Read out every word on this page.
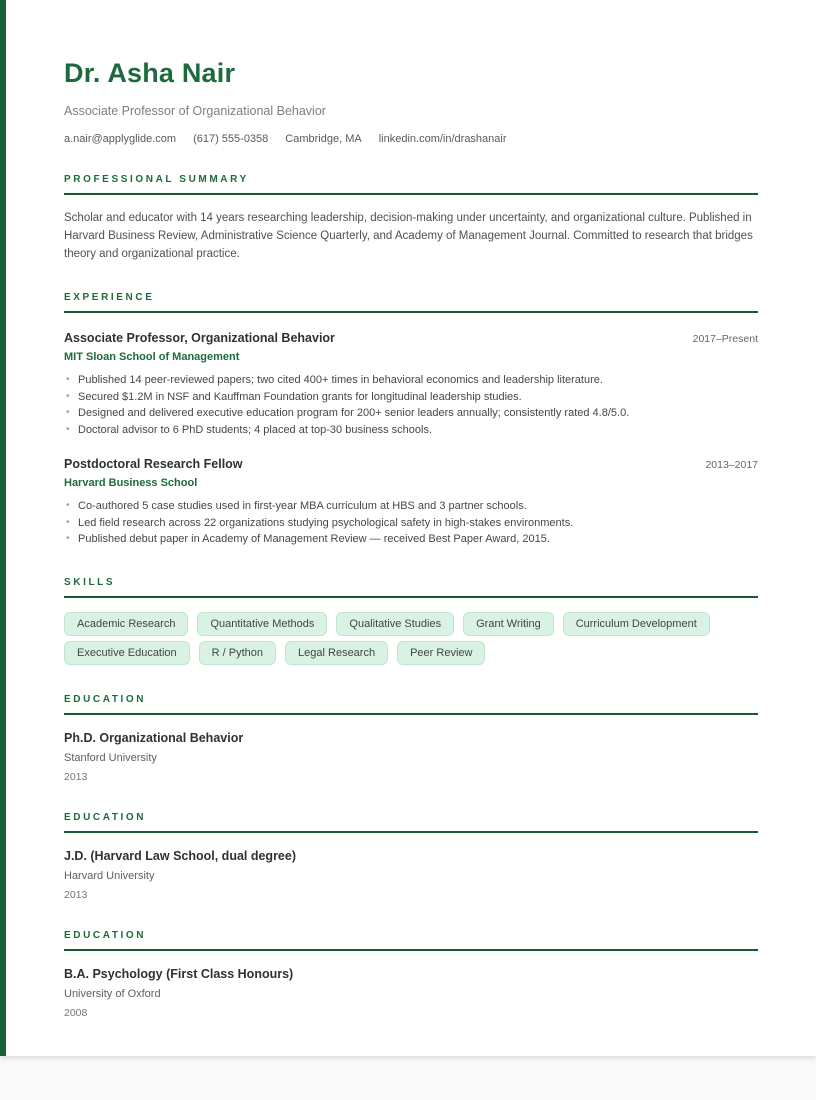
Dr. Asha Nair
Associate Professor of Organizational Behavior
a.nair@applyglide.com (617) 555-0358 Cambridge, MA linkedin.com/in/drashanair
PROFESSIONAL SUMMARY

Scholar and educator with 14 years researching leadership, decision-making under uncertainty, and organizational culture. Published in Harvard Business Review, Administrative Science Quarterly, and Academy of Management Journal. Committed to research that bridges theory and organizational practice.

EXPERIENCE
Associate Professor, Organizational Behavior	2017–Present
MIT Sloan School of Management
• Published 14 peer-reviewed papers; two cited 400+ times in behavioral economics and leadership literature.
• Secured $1.2M in NSF and Kauffman Foundation grants for longitudinal leadership studies.
• Designed and delivered executive education program for 200+ senior leaders annually; consistently rated 4.8/5.0.
• Doctoral advisor to 6 PhD students; 4 placed at top-30 business schools.
Postdoctoral Research Fellow	2013–2017
Harvard Business School
• Co-authored 5 case studies used in first-year MBA curriculum at HBS and 3 partner schools.
• Led field research across 22 organizations studying psychological safety in high-stakes environments.
• Published debut paper in Academy of Management Review — received Best Paper Award, 2015.
SKILLS
Academic Research	Quantitative Methods	Qualitative Studies	Grant Writing	Curriculum Development
Executive Education	R / Python	Legal Research	Peer Review
EDUCATION
Ph.D. Organizational Behavior
Stanford University
2013
EDUCATION
J.D. (Harvard Law School, dual degree)
Harvard University
2013
EDUCATION
B.A. Psychology (First Class Honours)
University of Oxford
2008
